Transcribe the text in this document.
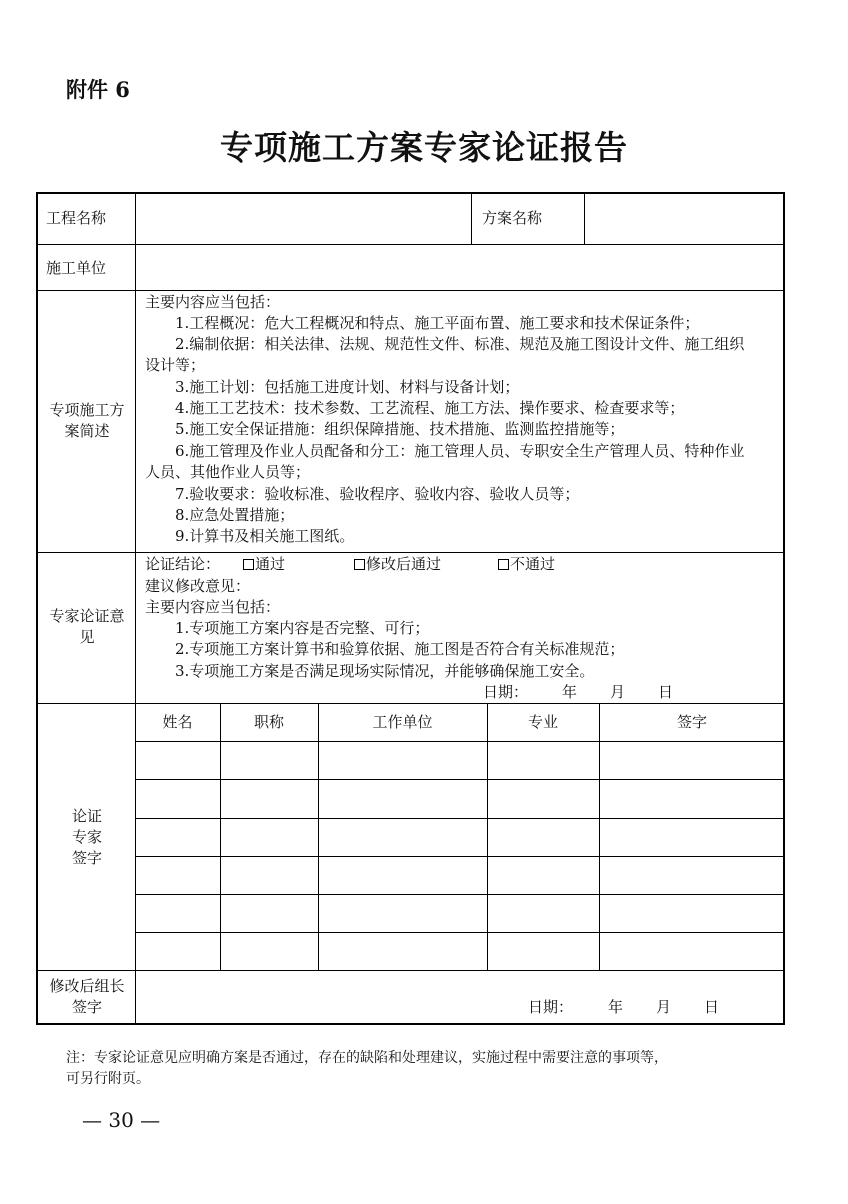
附件 6
专项施工方案专家论证报告
工程名称	方案名称
施工单位
专项施工方案简述
主要内容应当包括：
1.工程概况：危大工程概况和特点、施工平面布置、施工要求和技术保证条件；
2.编制依据：相关法律、法规、规范性文件、标准、规范及施工图设计文件、施工组织
设计等；
3.施工计划：包括施工进度计划、材料与设备计划；
4.施工工艺技术：技术参数、工艺流程、施工方法、操作要求、检查要求等；
5.施工安全保证措施：组织保障措施、技术措施、监测监控措施等；
6.施工管理及作业人员配备和分工：施工管理人员、专职安全生产管理人员、特种作业
人员、其他作业人员等；
7.验收要求：验收标准、验收程序、验收内容、验收人员等；
8.应急处置措施；
9.计算书及相关施工图纸。
专家论证意见
论证结论：	通过	修改后通过	不通过
建议修改意见：
主要内容应当包括：
1.专项施工方案内容是否完整、可行；
2.专项施工方案计算书和验算依据、施工图是否符合有关标准规范；
3.专项施工方案是否满足现场实际情况，并能够确保施工安全。
日期： 年 月 日
论证专家签字
姓名	职称	工作单位	专业	签字
修改后组长签字	日期： 年 月 日
注：专家论证意见应明确方案是否通过，存在的缺陷和处理建议，实施过程中需要注意的事项等，
可另行附页。
— 30 —
